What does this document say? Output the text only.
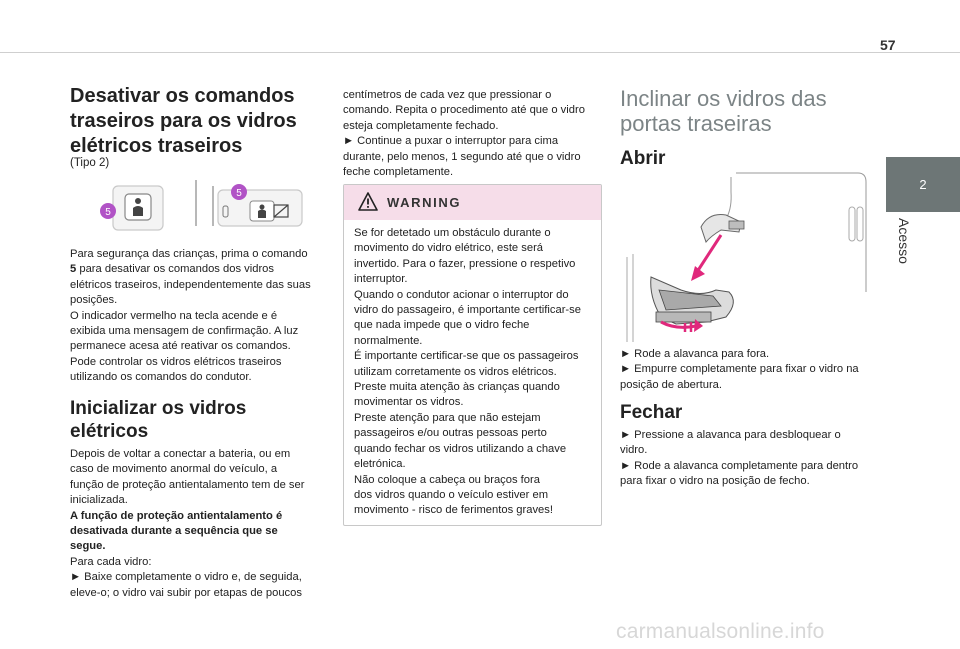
57
2
Acesso
Desativar os comandos
traseiros para os vidros
elétricos traseiros
(Tipo 2)
5
5

Para segurança das crianças, prima o comando

5 para desativar os comandos dos vidros

elétricos traseiros, independentemente das suas

posições.

O indicador vermelho na tecla acende e é

exibida uma mensagem de confirmação. A luz

permanece acesa até reativar os comandos.

Pode controlar os vidros elétricos traseiros

utilizando os comandos do condutor.

Inicializar os vidros
elétricos

Depois de voltar a conectar a bateria, ou em

caso de movimento anormal do veículo, a

função de proteção antientalamento tem de ser

inicializada.

A função de proteção antientalamento é

desativada durante a sequência que se

segue.

Para cada vidro:

► Baixe completamente o vidro e, de seguida,

eleve-o; o vidro vai subir por etapas de poucos

centímetros de cada vez que pressionar o

comando. Repita o procedimento até que o vidro

esteja completamente fechado.

► Continue a puxar o interruptor para cima

durante, pelo menos, 1 segundo até que o vidro

feche completamente.

WARNING

Se for detetado um obstáculo durante o

movimento do vidro elétrico, este será

invertido. Para o fazer, pressione o respetivo

interruptor.

Quando o condutor acionar o interruptor do

vidro do passageiro, é importante certificar-se

que nada impede que o vidro feche

normalmente.

É importante certificar-se que os passageiros

utilizam corretamente os vidros elétricos.

Preste muita atenção às crianças quando

movimentar os vidros.

Preste atenção para que não estejam

passageiros e/ou outras pessoas perto

quando fechar os vidros utilizando a chave

eletrónica.

Não coloque a cabeça ou braços fora

dos vidros quando o veículo estiver em

movimento - risco de ferimentos graves!

Inclinar os vidros das
portas traseiras
Abrir

► Rode a alavanca para fora.

► Empurre completamente para fixar o vidro na

posição de abertura.

Fechar

► Pressione a alavanca para desbloquear o

vidro.

► Rode a alavanca completamente para dentro

para fixar o vidro na posição de fecho.

carmanualsonline.info
